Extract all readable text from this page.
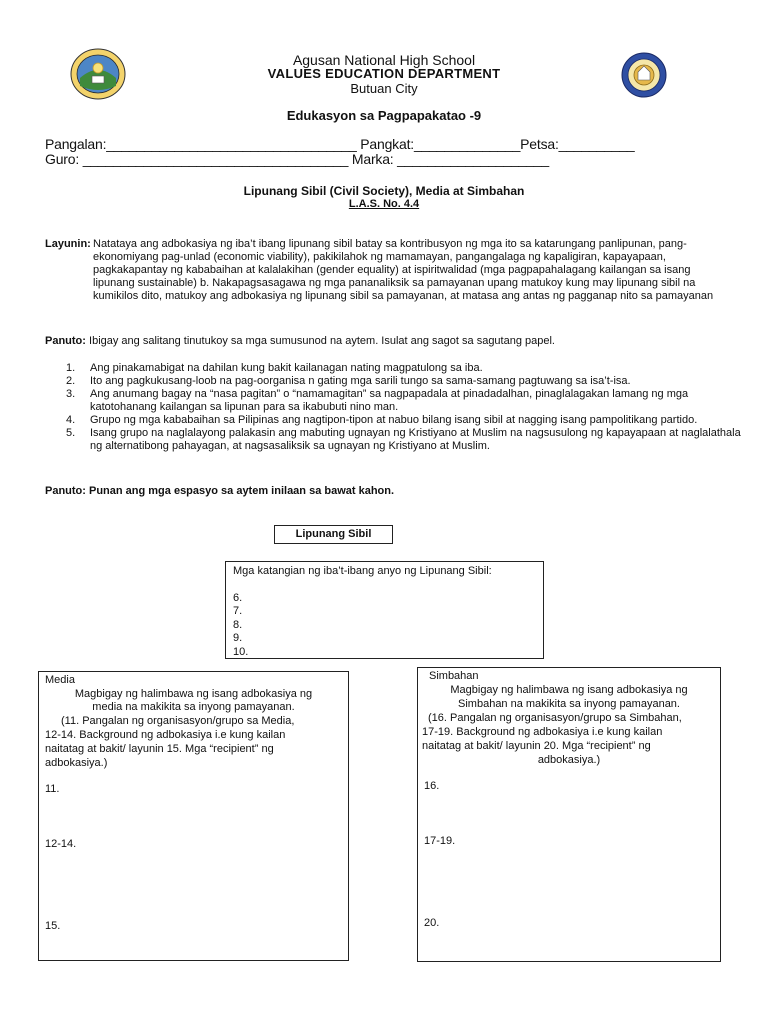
Agusan National High School
VALUES EDUCATION DEPARTMENT
Butuan City
Edukasyon sa Pagpapakatao -9
Pangalan:_________________________________ Pangkat:______________Petsa:__________
Guro: ___________________________________ Marka: ____________________
Lipunang Sibil (Civil Society), Media at Simbahan
L.A.S. No. 4.4
Layunin: Natataya ang adbokasiya ng iba’t ibang lipunang sibil batay sa kontribusyon ng mga ito sa katarungang panlipunan, pang-ekonomiyang pag-unlad (economic viability), pakikilahok ng mamamayan, pangangalaga ng kapaligiran, kapayapaan, pagkakapantay ng kababaihan at kalalakihan (gender equality) at ispiritwalidad (mga pagpapahalagang kailangan sa isang lipunang sustainable) b. Nakapagsasagawa ng mga pananaliksik sa pamayanan upang matukoy kung may lipunang sibil na kumikilos dito, matukoy ang adbokasiya ng lipunang sibil sa pamayanan, at matasa ang antas ng pagganap nito sa pamayanan
Panuto: Ibigay ang salitang tinutukoy sa mga sumusunod na aytem. Isulat ang sagot sa sagutang papel.
1. Ang pinakamabigat na dahilan kung bakit kailanagan nating magpatulong sa iba.
2. Ito ang pagkukusang-loob na pag-oorganisa n gating mga sarili tungo sa sama-samang pagtuwang sa isa’t-isa.
3. Ang anumang bagay na “nasa pagitan” o “namamagitan” sa nagpapadala at pinadadalhan, pinaglalagakan lamang ng mga katotohanang kailangan sa lipunan para sa ikabubuti nino man.
4. Grupo ng mga kababaihan sa Pilipinas ang nagtipon-tipon at nabuo bilang isang sibil at nagging isang pampolitikang partido.
5. Isang grupo na naglalayong palakasin ang mabuting ugnayan ng Kristiyano at Muslim na nagsusulong ng kapayapaan at naglalathala ng alternatibong pahayagan, at nagsasaliksik sa ugnayan ng Kristiyano at Muslim.
Panuto: Punan ang mga espasyo sa aytem inilaan sa bawat kahon.
Lipunang Sibil
Mga katangian ng iba’t-ibang anyo ng Lipunang Sibil:
6.
7.
8.
9.
10.
Media
Magbigay ng halimbawa ng isang adbokasiya ng
media na makikita sa inyong pamayanan.
(11. Pangalan ng organisasyon/grupo sa Media,
12-14. Background ng adbokasiya i.e kung kailan
naitatag at bakit/ layunin 15. Mga “recipient” ng
adbokasiya.)
11.
12-14.
15.
Simbahan
Magbigay ng halimbawa ng isang adbokasiya ng
Simbahan na makikita sa inyong pamayanan.
(16. Pangalan ng organisasyon/grupo sa Simbahan,
17-19. Background ng adbokasiya i.e kung kailan
naitatag at bakit/ layunin 20. Mga “recipient” ng
adbokasiya.)
16.
17-19.
20.
